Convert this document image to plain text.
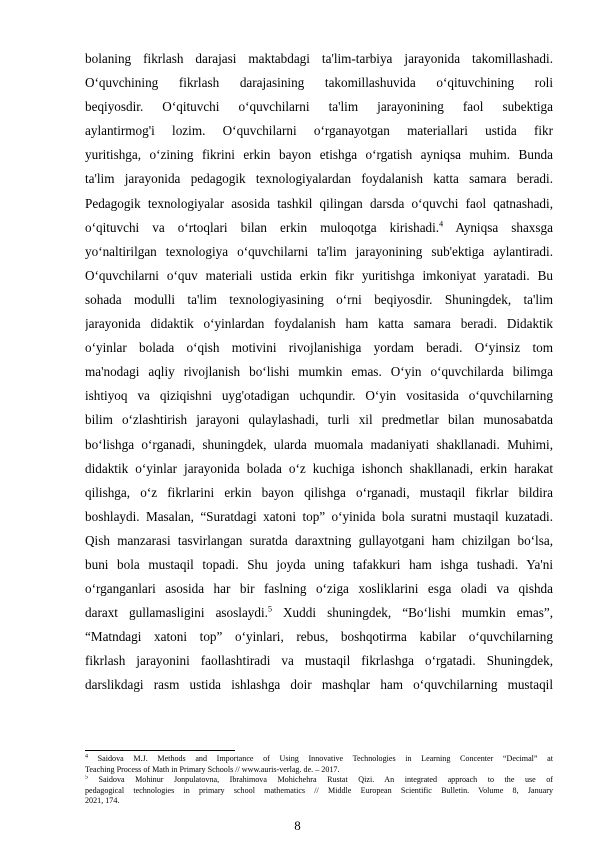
bolaning fikrlash darajasi maktabdagi ta'lim-tarbiya jarayonida takomillashadi.
O‘quvchining fikrlash darajasining takomillashuvida o‘qituvchining roli
beqiyosdir. O‘qituvchi o‘quvchilarni ta'lim jarayonining faol subektiga
aylantirmog'i lozim. O‘quvchilarni o‘rganayotgan materiallari ustida fikr
yuritishga, o‘zining fikrini erkin bayon etishga o‘rgatish ayniqsa muhim. Bunda
ta'lim jarayonida pedagogik texnologiyalardan foydalanish katta samara beradi.
Pedagogik texnologiyalar asosida tashkil qilingan darsda o‘quvchi faol qatnashadi,
o‘qituvchi va o‘rtoqlari bilan erkin muloqotga kirishadi.$^4$ Ayniqsa shaxsga
yo‘naltirilgan texnologiya o‘quvchilarni ta'lim jarayonining sub'ektiga aylantiradi.
O‘quvchilarni o‘quv materiali ustida erkin fikr yuritishga imkoniyat yaratadi. Bu
sohada modulli ta'lim texnologiyasining o‘rni beqiyosdir. Shuningdek, ta'lim
jarayonida didaktik o‘yinlardan foydalanish ham katta samara beradi. Didaktik
o‘yinlar bolada o‘qish motivini rivojlanishiga yordam beradi. O‘yinsiz tom
ma'nodagi aqliy rivojlanish bo‘lishi mumkin emas. O‘yin o‘quvchilarda bilimga
ishtiyoq va qiziqishni uyg'otadigan uchqundir. O‘yin vositasida o‘quvchilarning
bilim o‘zlashtirish jarayoni qulaylashadi, turli xil predmetlar bilan munosabatda
bo‘lishga o‘rganadi, shuningdek, ularda muomala madaniyati shakllanadi. Muhimi,
didaktik o‘yinlar jarayonida bolada o‘z kuchiga ishonch shakllanadi, erkin harakat
qilishga, o‘z fikrlarini erkin bayon qilishga o‘rganadi, mustaqil fikrlar bildira
boshlaydi. Masalan, “Suratdagi xatoni top” o‘yinida bola suratni mustaqil kuzatadi.
Qish manzarasi tasvirlangan suratda daraxtning gullayotgani ham chizilgan bo‘lsa,
buni bola mustaqil topadi. Shu joyda uning tafakkuri ham ishga tushadi. Ya'ni
o‘rganganlari asosida har bir faslning o‘ziga xosliklarini esga oladi va qishda
daraxt gullamasligini asoslaydi.$^5$ Xuddi shuningdek, “Bo‘lishi mumkin emas”,
“Matndagi xatoni top” o‘yinlari, rebus, boshqotirma kabilar o‘quvchilarning
fikrlash jarayonini faollashtiradi va mustaqil fikrlashga o‘rgatadi. Shuningdek,
darslikdagi rasm ustida ishlashga doir mashqlar ham o‘quvchilarning mustaqil
$^4$ Saidova M.J. Methods and Importance of Using Innovative Technologies in Learning Concenter “Decimal” at
Teaching Process of Math in Primary Schools // www.auris-verlag. de. – 2017.
$^5$ Saidova Mohinur Jonpulatovna, Ibrahimova Mohichehra Rustat Qizi. An integrated approach to the use of
pedagogical technologies in primary school mathematics // Middle European Scientific Bulletin. Volume 8, January
2021, 174.
8
